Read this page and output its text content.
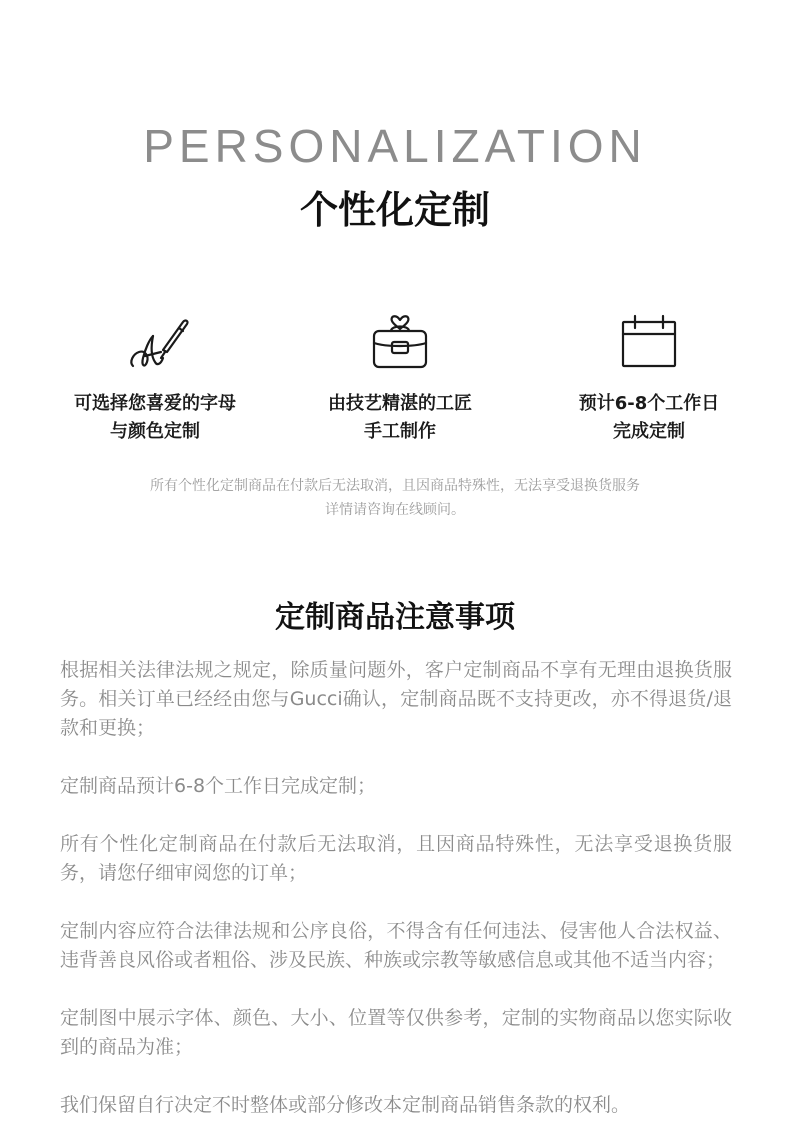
PERSONALIZATION
个性化定制
可选择您喜爱的字母
与颜色定制
由技艺精湛的工匠
手工制作
预计6-8个工作日
完成定制
所有个性化定制商品在付款后无法取消，且因商品特殊性，无法享受退换货服务
详情请咨询在线顾问。
定制商品注意事项

根据相关法律法规之规定，除质量问题外，客户定制商品不享有无理由退换货服务。相关订单已经经由您与Gucci确认，定制商品既不支持更改，亦不得退货/退款和更换；

定制商品预计6-8个工作日完成定制；

所有个性化定制商品在付款后无法取消，且因商品特殊性，无法享受退换货服务，请您仔细审阅您的订单；

定制内容应符合法律法规和公序良俗，不得含有任何违法、侵害他人合法权益、违背善良风俗或者粗俗、涉及民族、种族或宗教等敏感信息或其他不适当内容；

定制图中展示字体、颜色、大小、位置等仅供参考，定制的实物商品以您实际收到的商品为准；

我们保留自行决定不时整体或部分修改本定制商品销售条款的权利。
